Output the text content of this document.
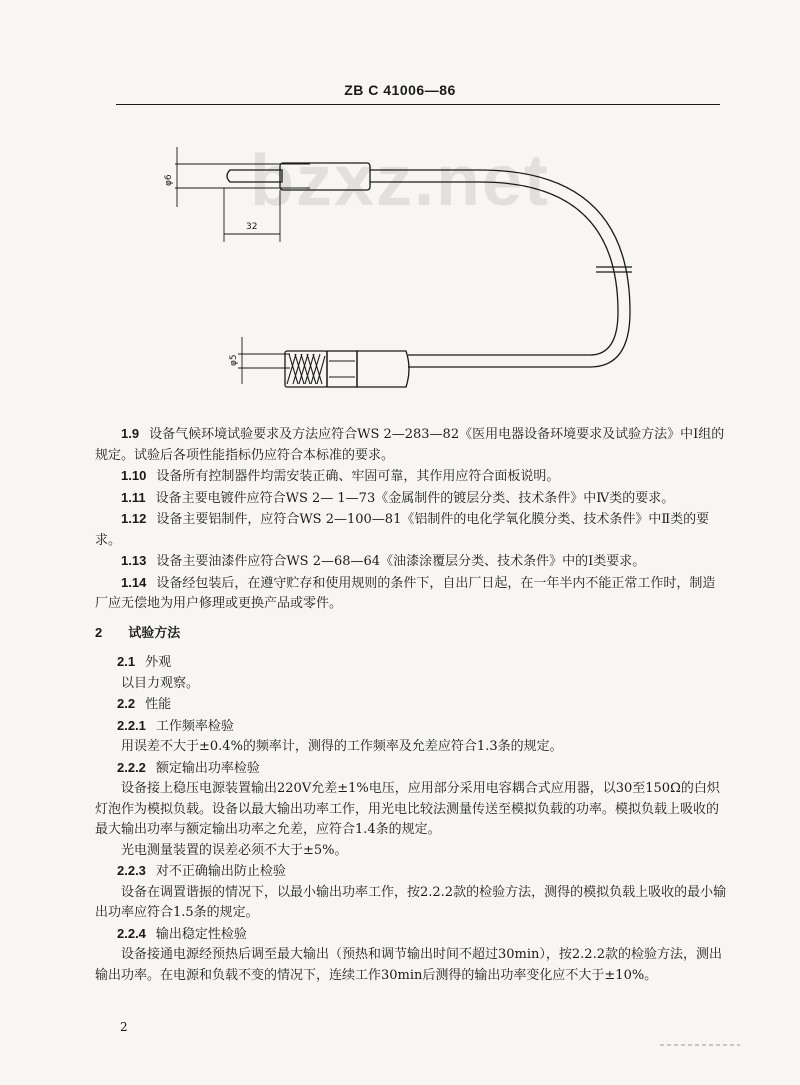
ZB C 41006—86
bzxz.net
φ6
32
φ5

1.9 设备气候环境试验要求及方法应符合WS 2—283—82《医用电器设备环境要求及试验方法》中Ⅰ组的规定。试验后各项性能指标仍应符合本标准的要求。

1.10 设备所有控制器件均需安装正确、牢固可靠，其作用应符合面板说明。

1.11 设备主要电镀件应符合WS 2— 1—73《金属制件的镀层分类、技术条件》中Ⅳ类的要求。

1.12 设备主要铝制件，应符合WS 2—100—81《铝制件的电化学氧化膜分类、技术条件》中Ⅱ类的要求。

1.13 设备主要油漆件应符合WS 2—68—64《油漆涂覆层分类、技术条件》中的Ⅰ类要求。

1.14 设备经包装后，在遵守贮存和使用规则的条件下，自出厂日起，在一年半内不能正常工作时，制造厂应无偿地为用户修理或更换产品或零件。

2 试验方法

2.1 外观

以目力观察。

2.2 性能

2.2.1 工作频率检验

用误差不大于±0.4%的频率计，测得的工作频率及允差应符合1.3条的规定。

2.2.2 额定输出功率检验

设备接上稳压电源装置输出220V允差±1%电压，应用部分采用电容耦合式应用器，以30至150Ω的白炽灯泡作为模拟负载。设备以最大输出功率工作，用光电比较法测量传送至模拟负载的功率。模拟负载上吸收的最大输出功率与额定输出功率之允差，应符合1.4条的规定。

光电测量装置的误差必须不大于±5%。

2.2.3 对不正确输出防止检验

设备在调置谐振的情况下，以最小输出功率工作，按2.2.2款的检验方法，测得的模拟负载上吸收的最小输出功率应符合1.5条的规定。

2.2.4 输出稳定性检验

设备接通电源经预热后调至最大输出（预热和调节输出时间不超过30min），按2.2.2款的检验方法，测出输出功率。在电源和负载不变的情况下，连续工作30min后测得的输出功率变化应不大于±10%。

2
